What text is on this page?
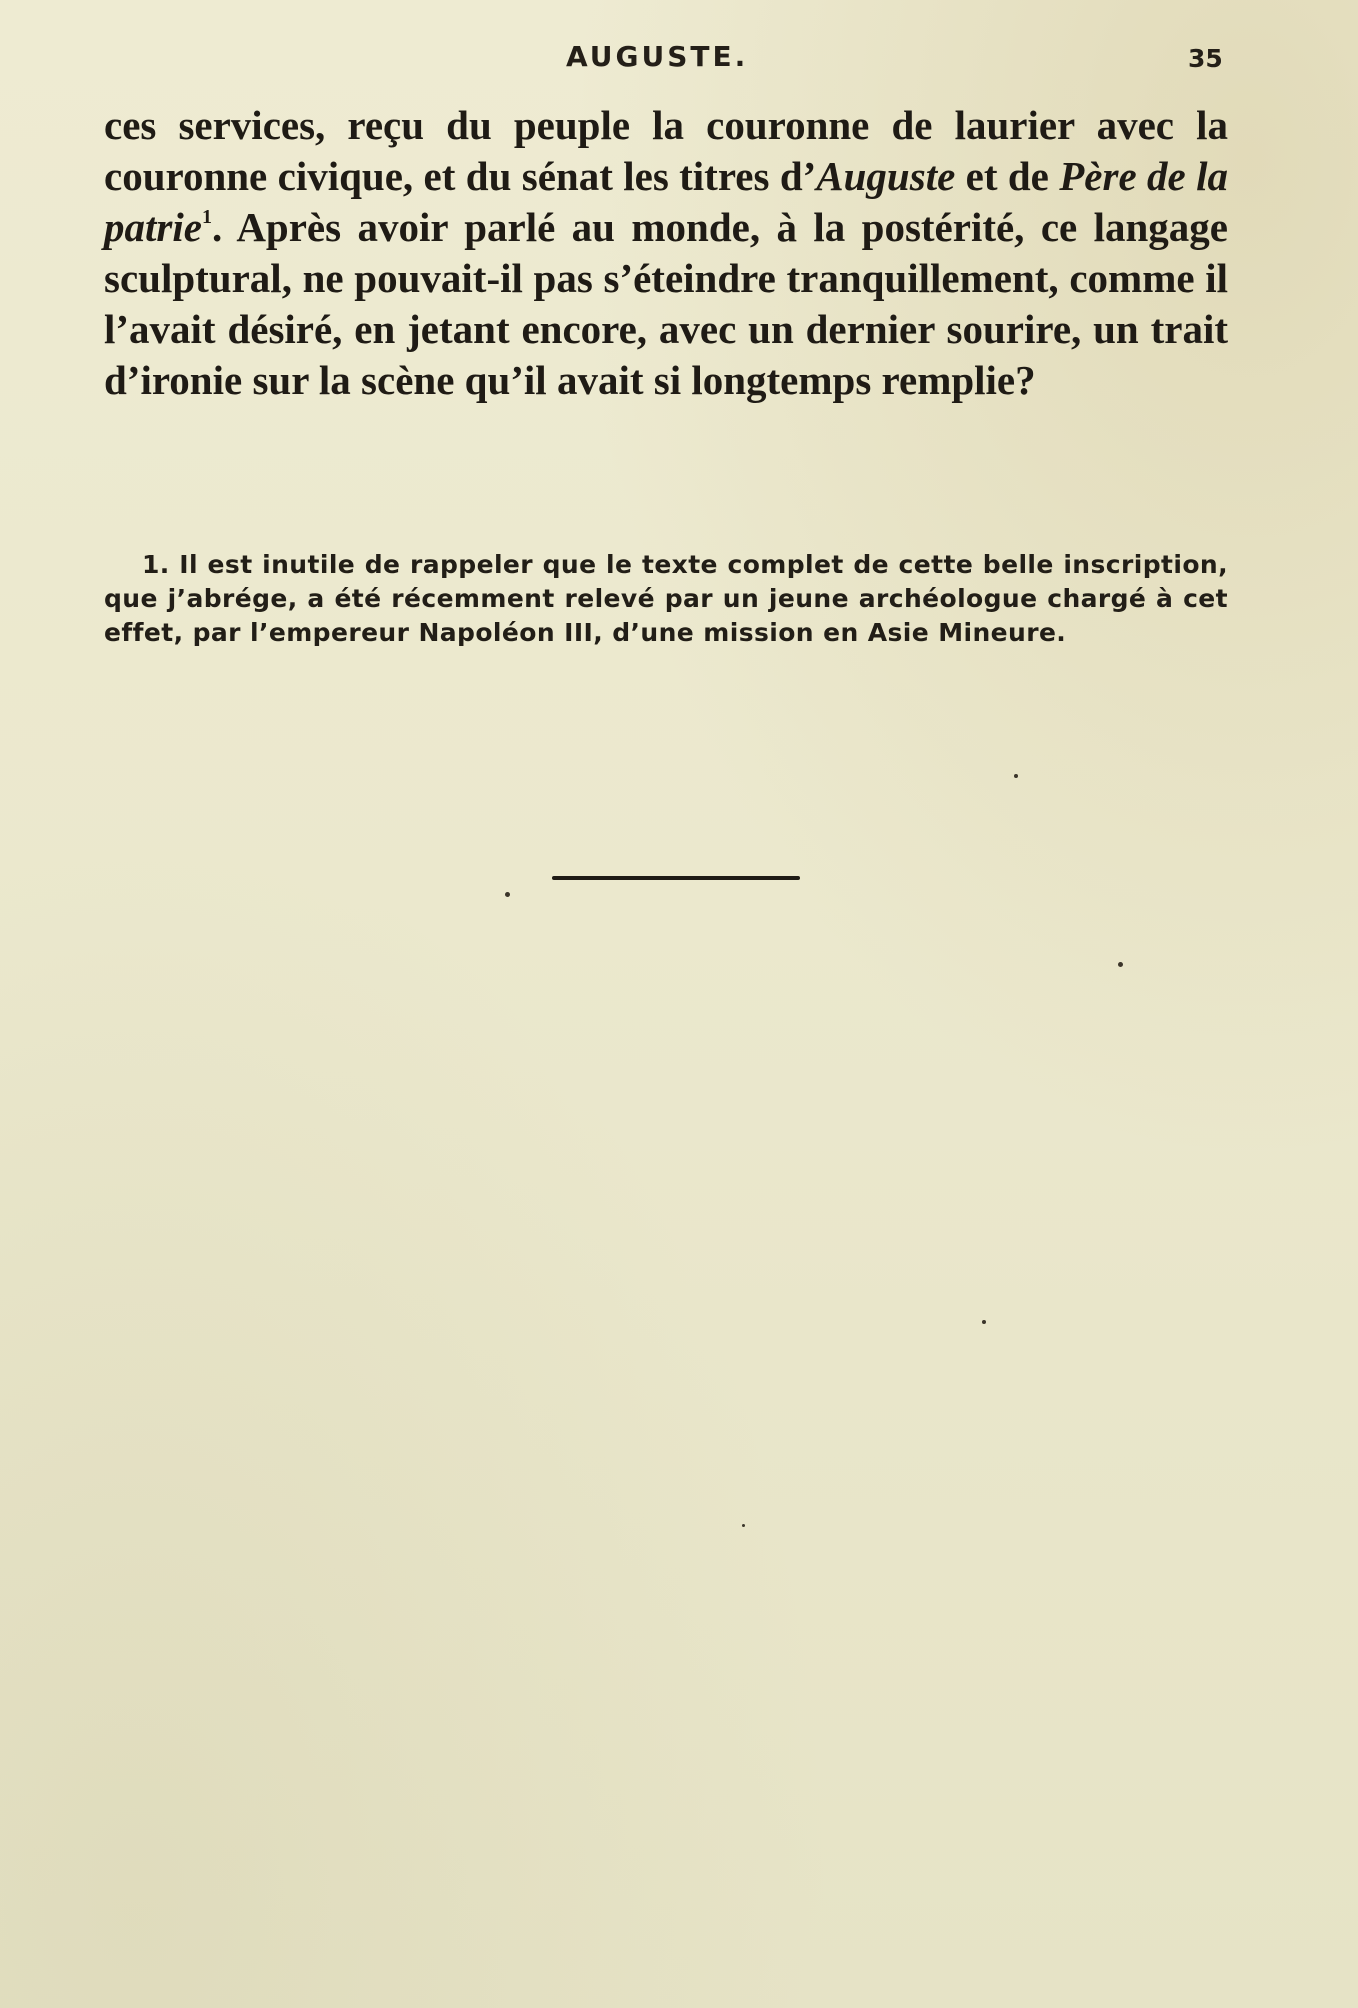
AUGUSTE.	35

ces services, reçu du peuple la couronne de laurier avec la couronne civique, et du sénat les titres d’Auguste et de Père de la patrie$^1$. Après avoir parlé au monde, à la postérité, ce langage sculptural, ne pouvait-il pas s’éteindre tranquillement, comme il l’avait désiré, en jetant encore, avec un dernier sourire, un trait d’ironie sur la scène qu’il avait si longtemps remplie?

1. Il est inutile de rappeler que le texte complet de cette belle inscription, que j’abrége, a été récemment relevé par un jeune archéologue chargé à cet effet, par l’empereur Napoléon III, d’une mission en Asie Mineure.
